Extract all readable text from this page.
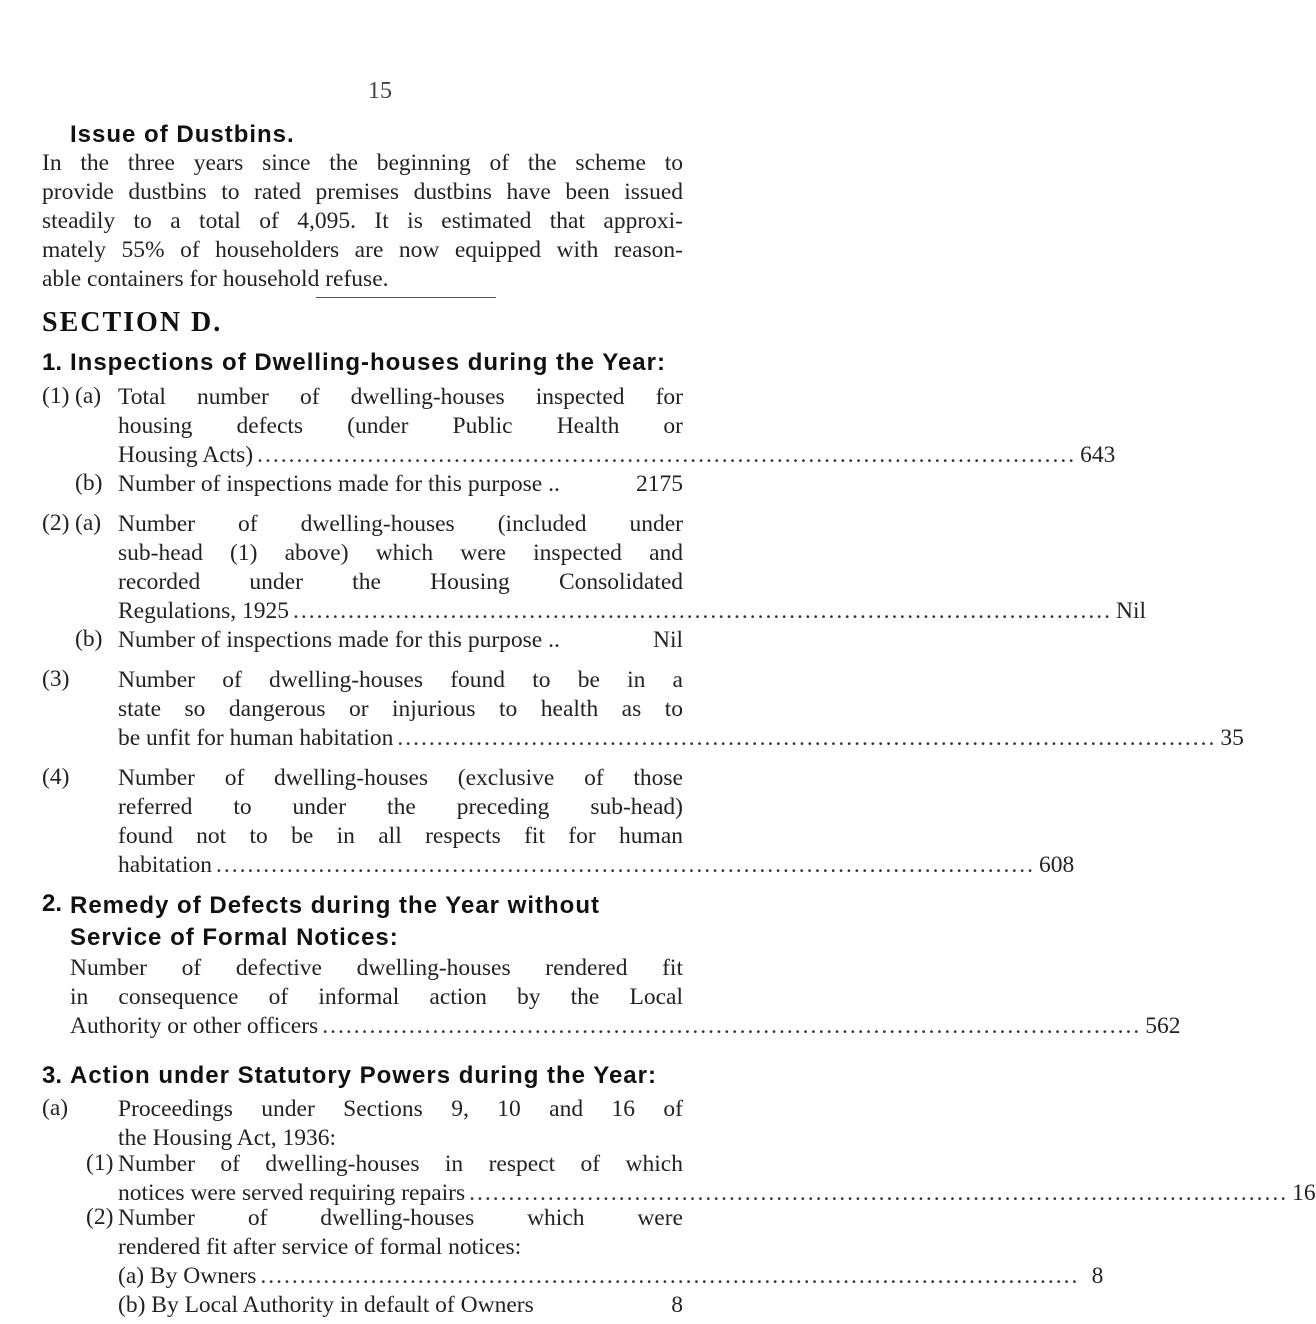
15
Issue of Dustbins.
In the three years since the beginning of the scheme to
provide dustbins to rated premises dustbins have been issued
steadily to a total of 4,095. It is estimated that approxi-
mately 55% of householders are now equipped with reason-
able containers for household refuse.
SECTION D.
1. Inspections of Dwelling-houses during the Year:
(1) (a) Total number of dwelling-houses inspected for
housing defects (under Public Health or
Housing Acts) ........................................................................................................ 643
(b) Number of inspections made for this purpose ..	2175
(2) (a) Number of dwelling-houses (included under
sub-head (1) above) which were inspected and
recorded under the Housing Consolidated
Regulations, 1925 ........................................................................................................ Nil
(b) Number of inspections made for this purpose ..	Nil
(3) Number of dwelling-houses found to be in a
state so dangerous or injurious to health as to
be unfit for human habitation ........................................................................................................ 35
(4) Number of dwelling-houses (exclusive of those
referred to under the preceding sub-head)
found not to be in all respects fit for human
habitation ........................................................................................................ 608
2. Remedy of Defects during the Year without
Service of Formal Notices:
Number of defective dwelling-houses rendered fit
in consequence of informal action by the Local
Authority or other officers ........................................................................................................ 562
3. Action under Statutory Powers during the Year:
(a) Proceedings under Sections 9, 10 and 16 of
the Housing Act, 1936:
(1) Number of dwelling-houses in respect of which
notices were served requiring repairs ........................................................................................................ 16
(2) Number of dwelling-houses which were
rendered fit after service of formal notices:
(a) By Owners ........................................................................................................ 8
(b) By Local Authority in default of Owners	8
